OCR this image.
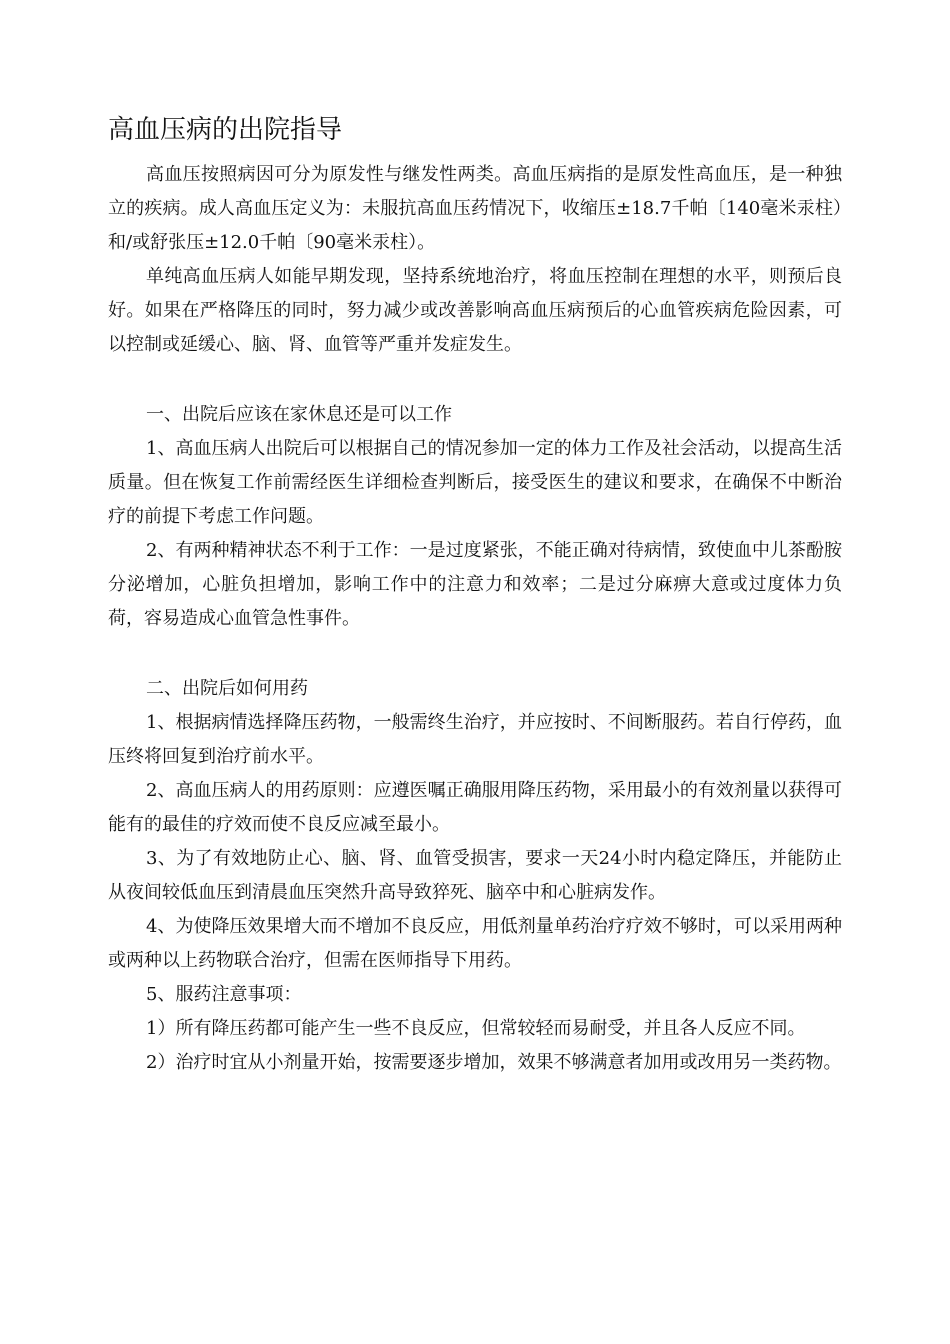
高血压病的出院指导

高血压按照病因可分为原发性与继发性两类。高血压病指的是原发性高血压，是一种独立的疾病。成人高血压定义为：未服抗高血压药情况下，收缩压±18.7千帕〔140毫米汞柱）和/或舒张压±12.0千帕〔90毫米汞柱）。

单纯高血压病人如能早期发现，坚持系统地治疗，将血压控制在理想的水平，则预后良好。如果在严格降压的同时，努力减少或改善影响高血压病预后的心血管疾病危险因素，可以控制或延缓心、脑、肾、血管等严重并发症发生。

一、出院后应该在家休息还是可以工作

1、高血压病人出院后可以根据自己的情况参加一定的体力工作及社会活动，以提高生活质量。但在恢复工作前需经医生详细检查判断后，接受医生的建议和要求，在确保不中断治疗的前提下考虑工作问题。

2、有两种精神状态不利于工作：一是过度紧张，不能正确对待病情，致使血中儿茶酚胺分泌增加，心脏负担增加，影响工作中的注意力和效率；二是过分麻痹大意或过度体力负荷，容易造成心血管急性事件。

二、出院后如何用药

1、根据病情选择降压药物，一般需终生治疗，并应按时、不间断服药。若自行停药，血压终将回复到治疗前水平。

2、高血压病人的用药原则：应遵医嘱正确服用降压药物，采用最小的有效剂量以获得可能有的最佳的疗效而使不良反应减至最小。

3、为了有效地防止心、脑、肾、血管受损害，要求一天24小时内稳定降压，并能防止从夜间较低血压到清晨血压突然升高导致猝死、脑卒中和心脏病发作。

4、为使降压效果增大而不增加不良反应，用低剂量单药治疗疗效不够时，可以采用两种或两种以上药物联合治疗，但需在医师指导下用药。

5、服药注意事项：

1）所有降压药都可能产生一些不良反应，但常较轻而易耐受，并且各人反应不同。

2）治疗时宜从小剂量开始，按需要逐步增加，效果不够满意者加用或改用另一类药物。
